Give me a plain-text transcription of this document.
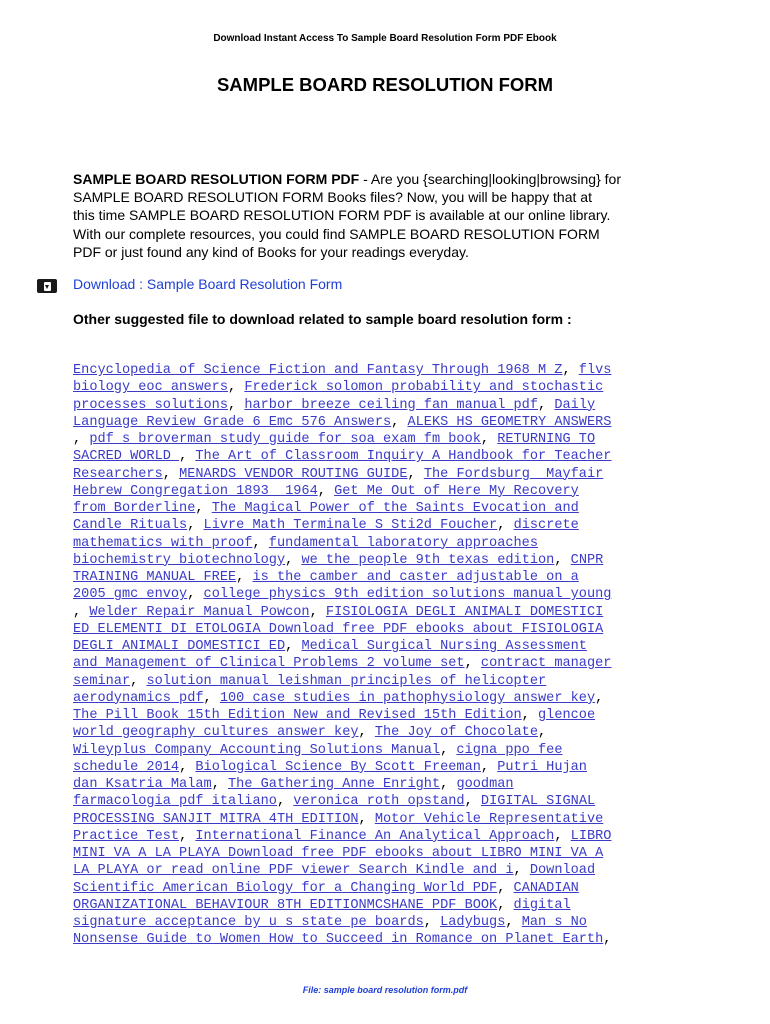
Download Instant Access To Sample Board Resolution Form PDF Ebook
SAMPLE BOARD RESOLUTION FORM
SAMPLE BOARD RESOLUTION FORM PDF - Are you {searching|looking|browsing} for
SAMPLE BOARD RESOLUTION FORM Books files? Now, you will be happy that at
this time SAMPLE BOARD RESOLUTION FORM PDF is available at our online library.
With our complete resources, you could find SAMPLE BOARD RESOLUTION FORM
PDF or just found any kind of Books for your readings everyday.
Download : Sample Board Resolution Form
Other suggested file to download related to sample board resolution form :
Encyclopedia of Science Fiction and Fantasy Through 1968 M Z, flvs
biology eoc answers, Frederick solomon probability and stochastic
processes solutions, harbor breeze ceiling fan manual pdf, Daily
Language Review Grade 6 Emc 576 Answers, ALEKS HS GEOMETRY ANSWERS
, pdf s broverman study guide for soa exam fm book, RETURNING TO
SACRED WORLD , The Art of Classroom Inquiry A Handbook for Teacher
Researchers, MENARDS VENDOR ROUTING GUIDE, The Fordsburg  Mayfair
Hebrew Congregation 1893  1964, Get Me Out of Here My Recovery
from Borderline, The Magical Power of the Saints Evocation and
Candle Rituals, Livre Math Terminale S Sti2d Foucher, discrete
mathematics with proof, fundamental laboratory approaches
biochemistry biotechnology, we the people 9th texas edition, CNPR
TRAINING MANUAL FREE, is the camber and caster adjustable on a
2005 gmc envoy, college physics 9th edition solutions manual young
, Welder Repair Manual Powcon, FISIOLOGIA DEGLI ANIMALI DOMESTICI
ED ELEMENTI DI ETOLOGIA Download free PDF ebooks about FISIOLOGIA
DEGLI ANIMALI DOMESTICI ED, Medical Surgical Nursing Assessment
and Management of Clinical Problems 2 volume set, contract manager
seminar, solution manual leishman principles of helicopter
aerodynamics pdf, 100 case studies in pathophysiology answer key,
The Pill Book 15th Edition New and Revised 15th Edition, glencoe
world geography cultures answer key, The Joy of Chocolate,
Wileyplus Company Accounting Solutions Manual, cigna ppo fee
schedule 2014, Biological Science By Scott Freeman, Putri Hujan
dan Ksatria Malam, The Gathering Anne Enright, goodman
farmacologia pdf italiano, veronica roth opstand, DIGITAL SIGNAL
PROCESSING SANJIT MITRA 4TH EDITION, Motor Vehicle Representative
Practice Test, International Finance An Analytical Approach, LIBRO
MINI VA A LA PLAYA Download free PDF ebooks about LIBRO MINI VA A
LA PLAYA or read online PDF viewer Search Kindle and i, Download
Scientific American Biology for a Changing World PDF, CANADIAN
ORGANIZATIONAL BEHAVIOUR 8TH EDITIONMCSHANE PDF BOOK, digital
signature acceptance by u s state pe boards, Ladybugs, Man s No
Nonsense Guide to Women How to Succeed in Romance on Planet Earth,
File: sample board resolution form.pdf
